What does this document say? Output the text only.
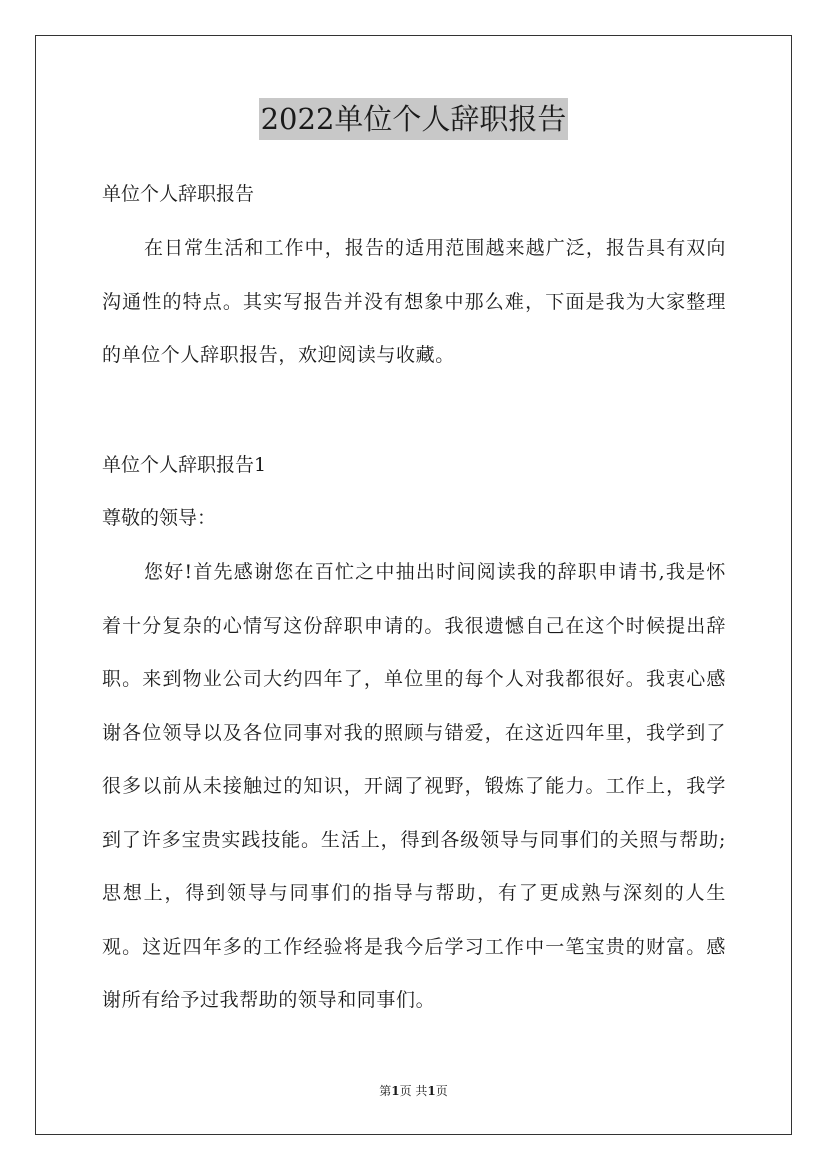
2022单位个人辞职报告
单位个人辞职报告
在日常生活和工作中，报告的适用范围越来越广泛，报告具有双向沟通性的特点。其实写报告并没有想象中那么难，下面是我为大家整理的单位个人辞职报告，欢迎阅读与收藏。
单位个人辞职报告1
尊敬的领导：
您好!首先感谢您在百忙之中抽出时间阅读我的辞职申请书,我是怀着十分复杂的心情写这份辞职申请的。我很遗憾自己在这个时候提出辞职。来到物业公司大约四年了，单位里的每个人对我都很好。我衷心感谢各位领导以及各位同事对我的照顾与错爱，在这近四年里，我学到了很多以前从未接触过的知识，开阔了视野，锻炼了能力。工作上，我学到了许多宝贵实践技能。生活上，得到各级领导与同事们的关照与帮助;思想上，得到领导与同事们的指导与帮助，有了更成熟与深刻的人生观。这近四年多的工作经验将是我今后学习工作中一笔宝贵的财富。感谢所有给予过我帮助的领导和同事们。
第1页 共1页
